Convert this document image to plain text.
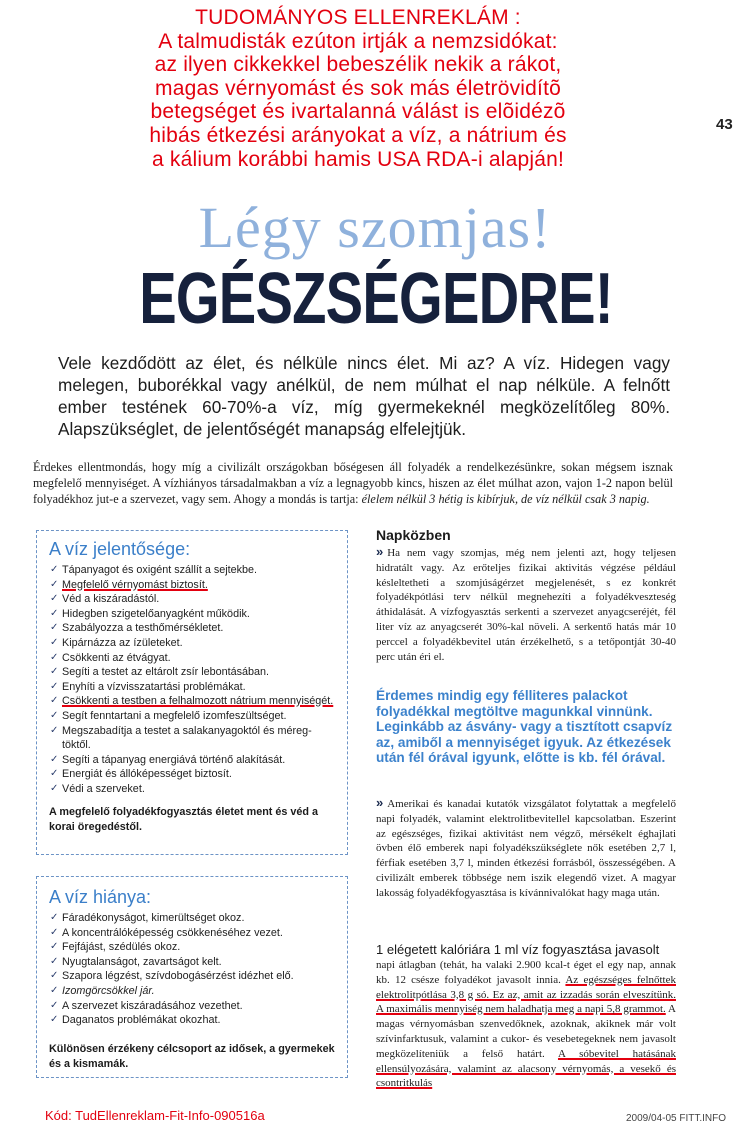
TUDOMÁNYOS ELLENREKLÁM :
A talmudisták ezúton irtják a nemzsidókat:
az ilyen cikkekkel bebeszélik nekik a rákot,
magas vérnyomást és sok más életrövidítõ
betegséget és ivartalanná válást is elõidézõ
hibás étkezési arányokat a víz, a nátrium és
a kálium korábbi hamis USA RDA-i alapján!
43
Légy szomjas!
EGÉSZSÉGEDRE!
Vele kezdődött az élet, és nélküle nincs élet. Mi az? A víz. Hidegen vagy melegen, buborékkal vagy anélkül, de nem múlhat el nap nélküle. A felnőtt ember testének 60-70%-a víz, míg gyermekeknél megközelítőleg 80%. Alapszükséglet, de jelentőségét manapság elfelejtjük.
Érdekes ellentmondás, hogy míg a civilizált országokban bőségesen áll folyadék a rendelkezésünkre, sokan mégsem isznak megfelelő mennyiséget. A vízhiányos társadalmakban a víz a legnagyobb kincs, hiszen az élet múlhat azon, vajon 1-2 napon belül folyadékhoz jut-e a szervezet, vagy sem. Ahogy a mondás is tartja: élelem nélkül 3 hétig is kibírjuk, de víz nélkül csak 3 napig.
A víz jelentősége:
✓ Tápanyagot és oxigént szállít a sejtekbe.
✓ Megfelelő vérnyomást biztosít.
✓ Véd a kiszáradástól.
✓ Hidegben szigetelőanyagként működik.
✓ Szabályozza a testhőmérsékletet.
✓ Kipárnázza az ízületeket.
✓ Csökkenti az étvágyat.
✓ Segíti a testet az eltárolt zsír lebontásában.
✓ Enyhíti a vízvisszatartási problémákat.
✓ Csökkenti a testben a felhalmozott nátrium mennyiségét.
✓ Segít fenntartani a megfelelő izomfeszültséget.
✓ Megszabadítja a testet a salakanyagoktól és méreg-töktől.
✓ Segíti a tápanyag energiává történő alakítását.
✓ Energiát és állóképességet biztosít.
✓ Védi a szerveket.
A megfelelő folyadékfogyasztás életet ment és véd a korai öregedéstől.
A víz hiánya:
✓ Fáradékonyságot, kimerültséget okoz.
✓ A koncentrálóképesség csökkenéséhez vezet.
✓ Fejfájást, szédülés okoz.
✓ Nyugtalanságot, zavartságot kelt.
✓ Szapora légzést, szívdobogásérzést idézhet elő.
✓ Izomgörcsökkel jár.
✓ A szervezet kiszáradásához vezethet.
✓ Daganatos problémákat okozhat.
Különösen érzékeny célcsoport az idősek, a gyermekek és a kismamák.
Napközben
» Ha nem vagy szomjas, még nem jelenti azt, hogy teljesen hidratált vagy. Az erőteljes fizikai aktivitás végzése például késleltetheti a szomjúságérzet megjelenését, s ez konkrét folyadékpótlási terv nélkül megnehezíti a folyadékveszteség áthidalását. A vízfogyasztás serkenti a szervezet anyagcseréjét, fél liter víz az anyagcserét 30%-kal növeli. A serkentő hatás már 10 perccel a folyadékbevitel után érzékelhető, s a tetőpontját 30-40 perc után éri el.
Érdemes mindig egy félliteres palackot folyadékkal megtöltve magunkkal vinnünk. Leginkább az ásvány- vagy a tisztított csapvíz az, amiből a mennyiséget igyuk. Az étkezések után fél órával igyunk, előtte is kb. fél órával.
» Amerikai és kanadai kutatók vizsgálatot folytattak a megfelelő napi folyadék, valamint elektrolitbevitellel kapcsolatban. Eszerint az egészséges, fizikai aktivitást nem végző, mérsékelt éghajlati övben élő emberek napi folyadékszükséglete nők esetében 2,7 l, férfiak esetében 3,7 l, minden étkezési forrásból, összességében. A civilizált emberek többsége nem iszik elegendő vizet. A magyar lakosság folyadékfogyasztása is kívánnivalókat hagy maga után.
1 elégetett kalóriára 1 ml víz fogyasztása javasolt
napi átlagban (tehát, ha valaki 2.900 kcal-t éget el egy nap, annak kb. 12 csésze folyadékot javasolt innia. Az egészséges felnőttek elektrolitpótlása 3,8 g só. Ez az, amit az izzadás során elveszítünk. A maximális mennyiség nem haladhatja meg a napi 5,8 grammot. A magas vérnyomásban szenvedőknek, azoknak, akiknek már volt szívinfarktusuk, valamint a cukor- és vesebetegeknek nem javasolt megközelíteniük a felső határt. A sóbevitel hatásának ellensúlyozására, valamint az alacsony vérnyomás, a vesekő és csontritkulás
Kód: TudEllenreklam-Fit-Info-090516a	2009/04-05 FITT.INFO
